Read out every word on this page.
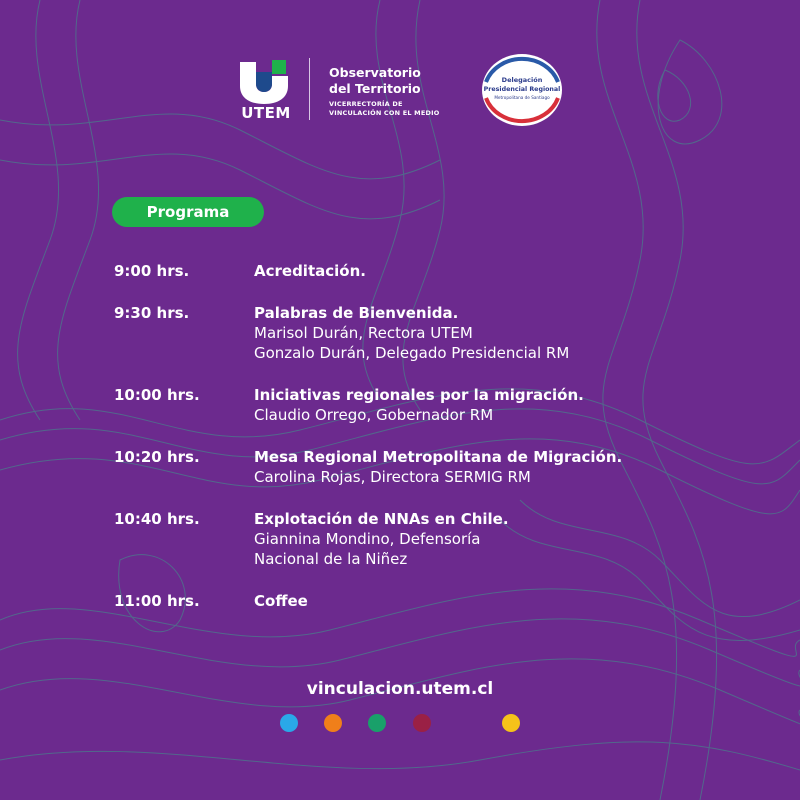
UTEM
Observatorio
del Territorio
VICERRECTORÍA DE
VINCULACIÓN CON EL MEDIO
Delegación
Presidencial Regional
Metropolitana de Santiago
Programa
9:00 hrs.	Acreditación.
9:30 hrs.	Palabras de Bienvenida.
Marisol Durán, Rectora UTEM
Gonzalo Durán, Delegado Presidencial RM
10:00 hrs.	Iniciativas regionales por la migración.
Claudio Orrego, Gobernador RM
10:20 hrs.	Mesa Regional Metropolitana de Migración.
Carolina Rojas, Directora SERMIG RM
10:40 hrs.	Explotación de NNAs en Chile.
Giannina Mondino, Defensoría
Nacional de la Niñez
11:00 hrs.	Coffee
vinculacion.utem.cl
